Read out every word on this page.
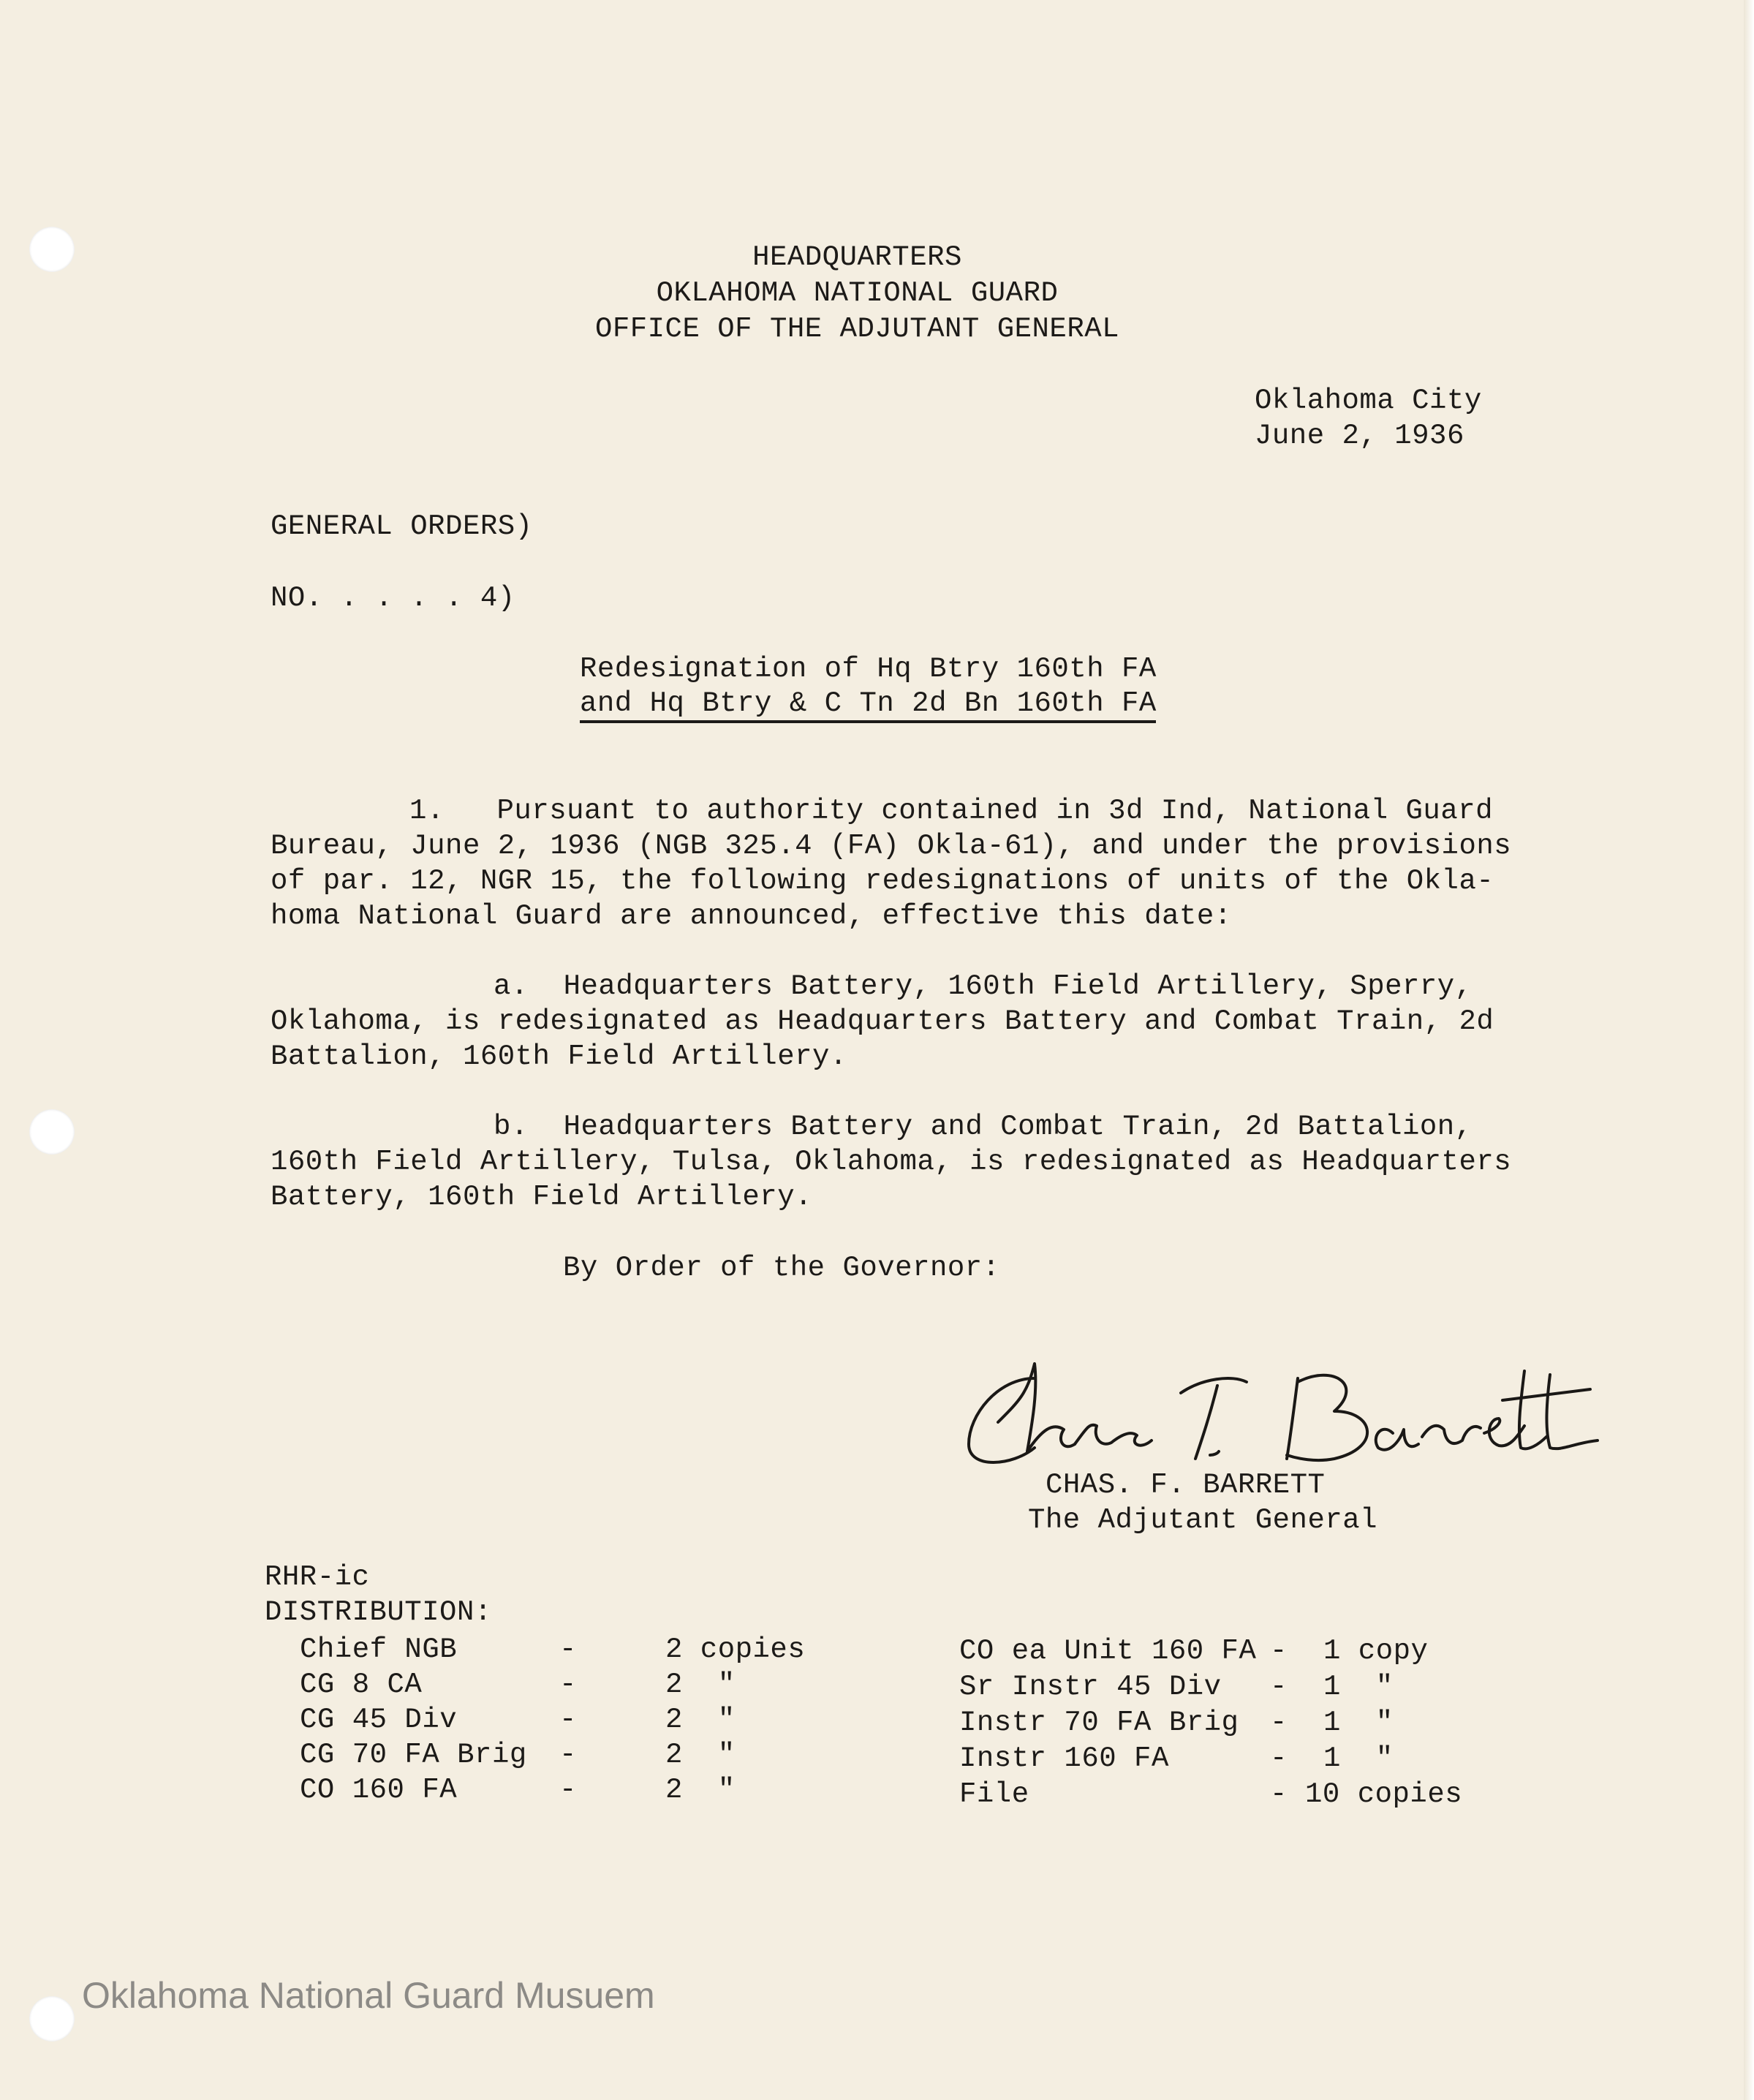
HEADQUARTERS
OKLAHOMA NATIONAL GUARD
OFFICE OF THE ADJUTANT GENERAL
Oklahoma City
June 2, 1936
GENERAL ORDERS)
NO. . . . . 4)
Redesignation of Hq Btry 160th FA
and Hq Btry & C Tn 2d Bn 160th FA
1.   Pursuant to authority contained in 3d Ind, National Guard
Bureau, June 2, 1936 (NGB 325.4 (FA) Okla-61), and under the provisions
of par. 12, NGR 15, the following redesignations of units of the Okla-
homa National Guard are announced, effective this date:
a.  Headquarters Battery, 160th Field Artillery, Sperry,
Oklahoma, is redesignated as Headquarters Battery and Combat Train, 2d
Battalion, 160th Field Artillery.
b.  Headquarters Battery and Combat Train, 2d Battalion,
160th Field Artillery, Tulsa, Oklahoma, is redesignated as Headquarters
Battery, 160th Field Artillery.
By Order of the Governor:
CHAS. F. BARRETT
The Adjutant General
RHR-ic
DISTRIBUTION:
Chief NGB	-	2 copies
CG 8 CA	-	2  "
CG 45 Div	-	2  "
CG 70 FA Brig -	2  "
CO 160 FA	-	2  "
CO ea Unit 160 FA - 1 copy
Sr Instr 45 Div - 1  "
Instr 70 FA Brig - 1  "
Instr 160 FA	- 1  "
File	- 10 copies
Oklahoma National Guard Musuem
